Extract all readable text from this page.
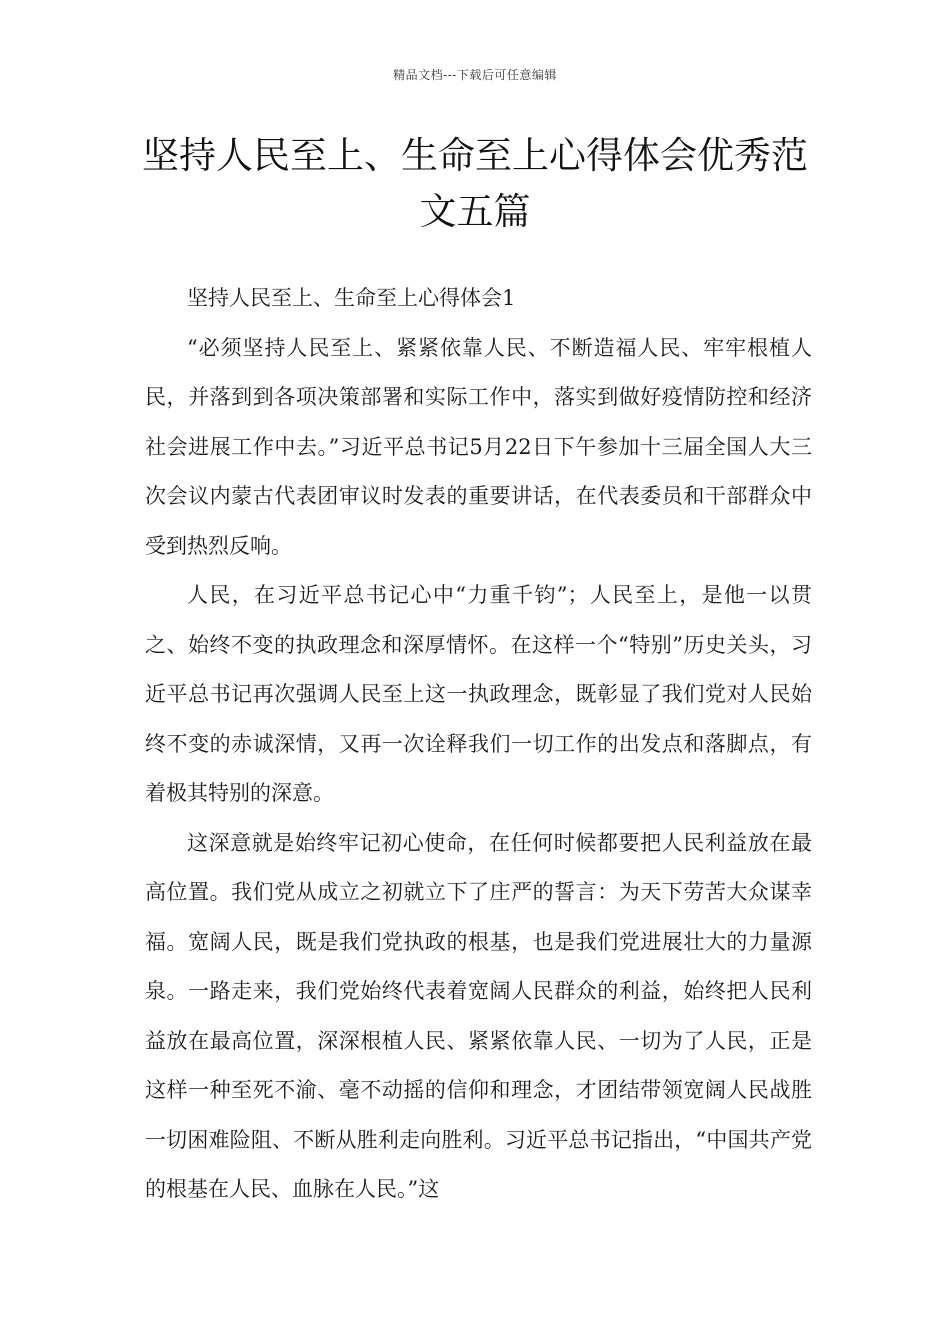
精品文档---下载后可任意编辑
坚持人民至上、生命至上心得体会优秀范文五篇

坚持人民至上、生命至上心得体会1

“必须坚持人民至上、紧紧依靠人民、不断造福人民、牢牢根植人民，并落到到各项决策部署和实际工作中，落实到做好疫情防控和经济社会进展工作中去。”习近平总书记5月22日下午参加十三届全国人大三次会议内蒙古代表团审议时发表的重要讲话，在代表委员和干部群众中受到热烈反响。

人民，在习近平总书记心中“力重千钧”；人民至上，是他一以贯之、始终不变的执政理念和深厚情怀。在这样一个“特别”历史关头，习近平总书记再次强调人民至上这一执政理念，既彰显了我们党对人民始终不变的赤诚深情，又再一次诠释我们一切工作的出发点和落脚点，有着极其特别的深意。

这深意就是始终牢记初心使命，在任何时候都要把人民利益放在最高位置。我们党从成立之初就立下了庄严的誓言：为天下劳苦大众谋幸福。宽阔人民，既是我们党执政的根基，也是我们党进展壮大的力量源泉。一路走来，我们党始终代表着宽阔人民群众的利益，始终把人民利益放在最高位置，深深根植人民、紧紧依靠人民、一切为了人民，正是这样一种至死不渝、毫不动摇的信仰和理念，才团结带领宽阔人民战胜一切困难险阻、不断从胜利走向胜利。习近平总书记指出，“中国共产党的根基在人民、血脉在人民。”这
